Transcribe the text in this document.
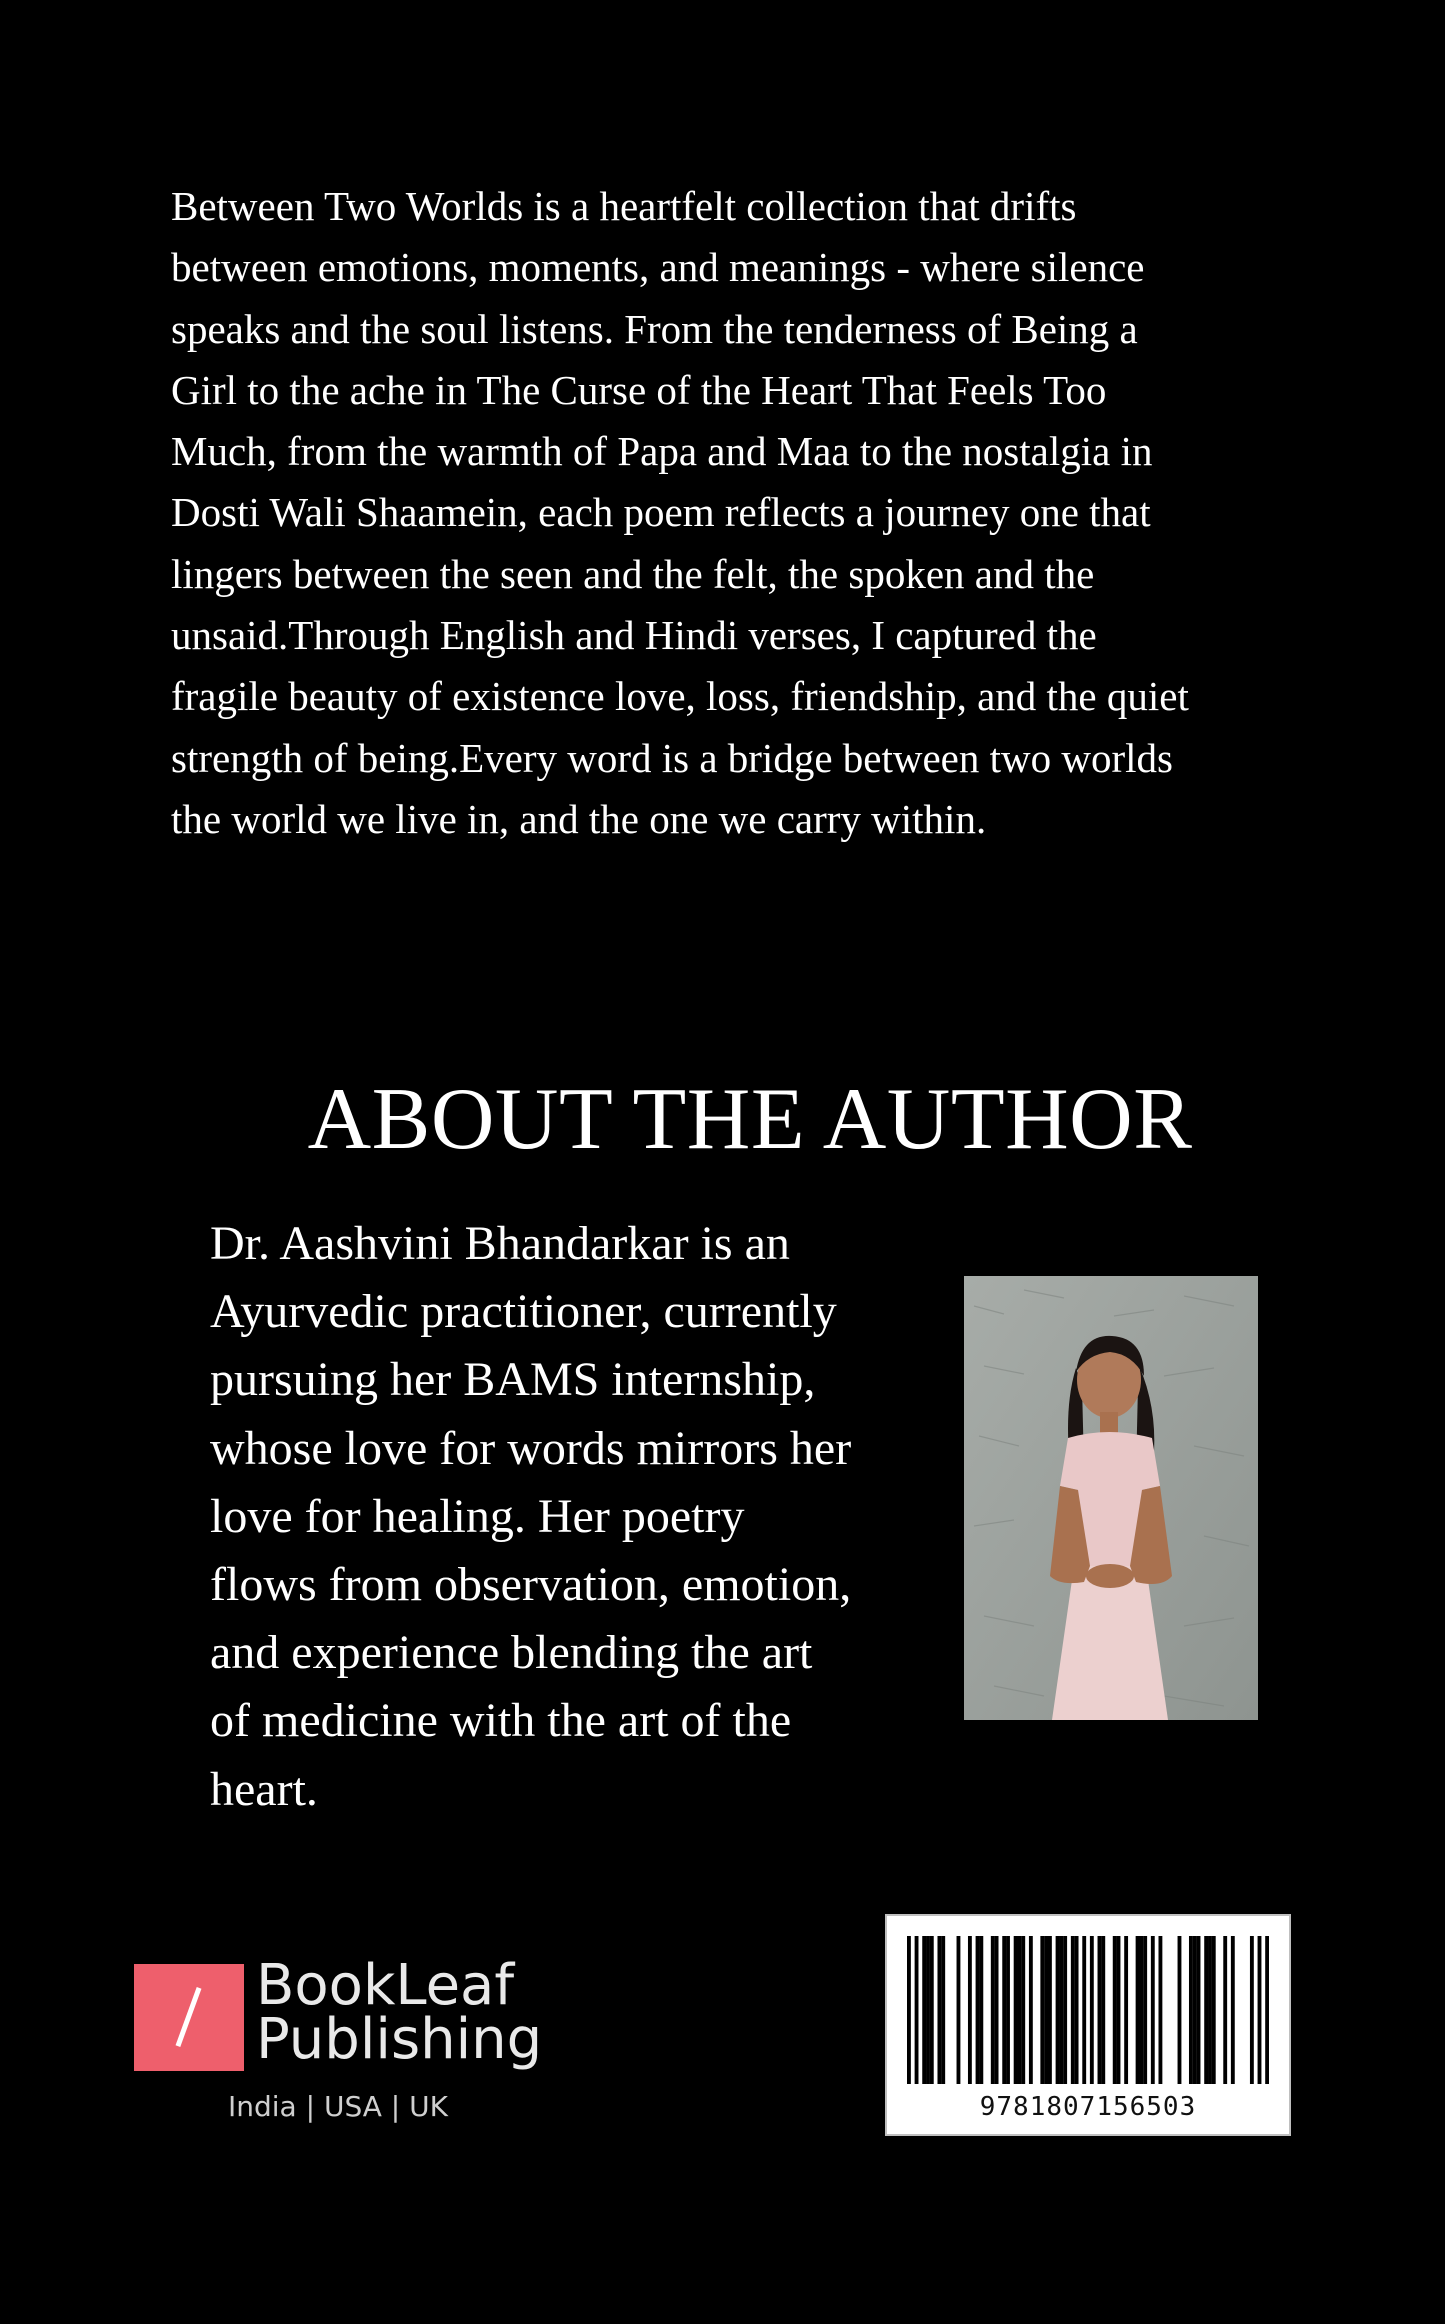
Between Two Worlds is a heartfelt collection that drifts between emotions, moments, and meanings - where silence speaks and the soul listens. From the tenderness of Being a Girl to the ache in The Curse of the Heart That Feels Too Much, from the warmth of Papa and Maa to the nostalgia in Dosti Wali Shaamein, each poem reflects a journey one that lingers between the seen and the felt, the spoken and the unsaid.Through English and Hindi verses, I captured the fragile beauty of existence love, loss, friendship, and the quiet strength of being.Every word is a bridge between two worlds the world we live in, and the one we carry within.

ABOUT THE AUTHOR

Dr. Aashvini Bhandarkar is an Ayurvedic practitioner, currently pursuing her BAMS internship, whose love for words mirrors her love for healing. Her poetry flows from observation, emotion, and experience blending the art of medicine with the art of the heart.

BookLeaf
Publishing
India | USA | UK	9781807156503
